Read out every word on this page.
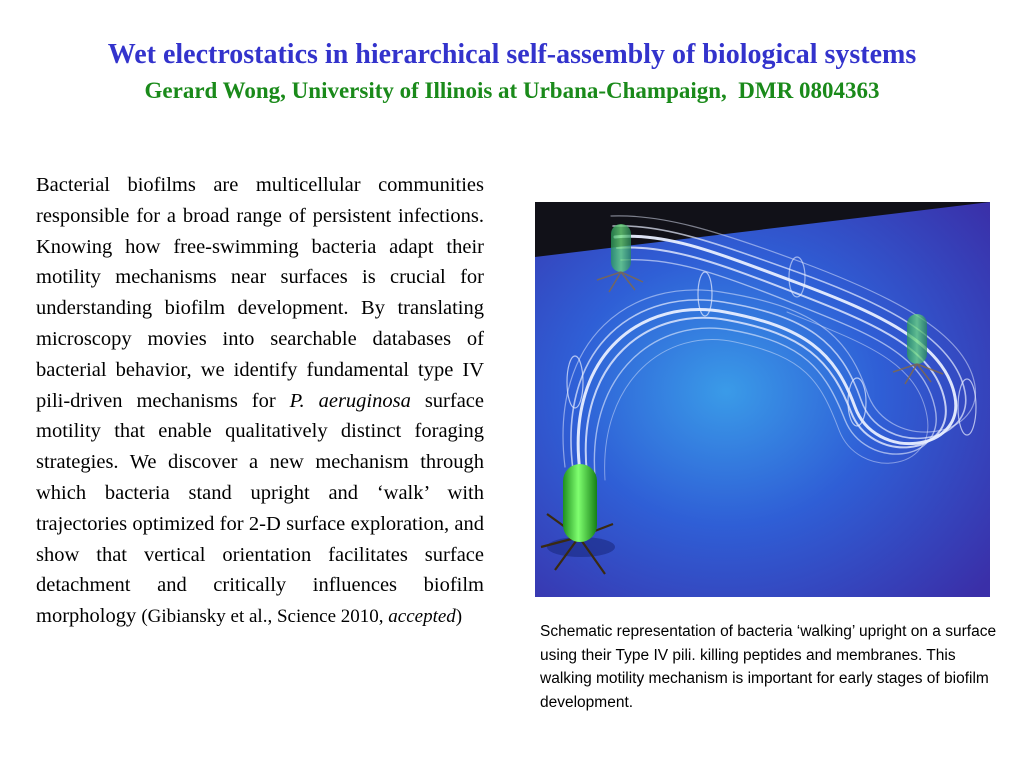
Wet electrostatics in hierarchical self-assembly of biological systems
Gerard Wong, University of Illinois at Urbana-Champaign,  DMR 0804363
Bacterial biofilms are multicellular communities responsible for a broad range of persistent infections. Knowing how free-swimming bacteria adapt their motility mechanisms near surfaces is crucial for understanding biofilm development. By translating microscopy movies into searchable databases of bacterial behavior, we identify fundamental type IV pili-driven mechanisms for P. aeruginosa surface motility that enable qualitatively distinct foraging strategies. We discover a new mechanism through which bacteria stand upright and ‘walk’ with trajectories optimized for 2-D surface exploration, and show that vertical orientation facilitates surface detachment and critically influences biofilm morphology (Gibiansky et al., Science 2010, accepted)
Schematic representation of bacteria ‘walking’ upright on a surface using their Type IV pili. killing peptides and membranes. This walking motility mechanism is important for early stages of biofilm development.
